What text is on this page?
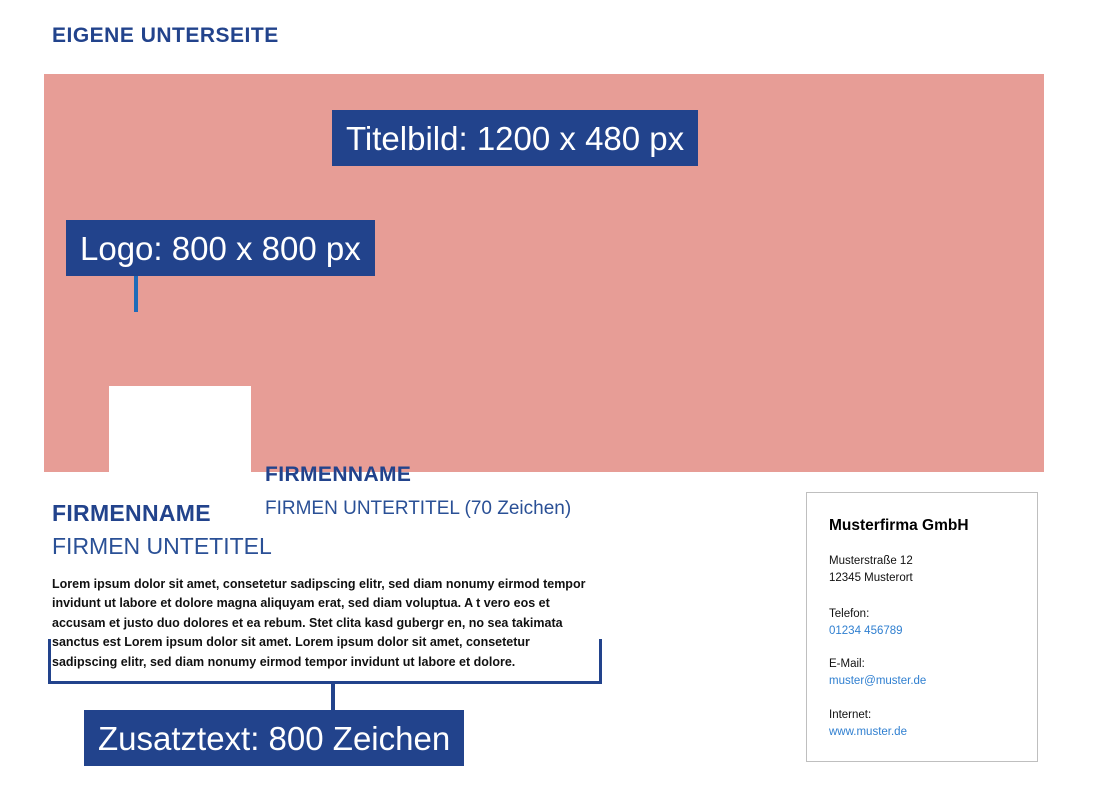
EIGENE UNTERSEITE
FIRMENNAME
FIRMEN UNTERTITEL (70 Zeichen)
Titelbild: 1200 x 480 px
Logo: 800 x 800 px
FIRMENNAME
FIRMEN UNTETITEL
Lorem ipsum dolor sit amet, consetetur sadipscing elitr, sed diam nonumy eirmod tempor invidunt ut labore et dolore magna aliquyam erat, sed diam voluptua. A t vero eos et accusam et justo duo dolores et ea rebum. Stet clita kasd gubergr en, no sea takimata sanctus est Lorem ipsum dolor sit amet. Lorem ipsum dolor sit amet, consetetur sadipscing elitr, sed diam nonumy eirmod tempor invidunt ut labore et dolore.
Zusatztext: 800 Zeichen
Musterfirma GmbH
Musterstraße 12
12345 Musterort
Telefon:
01234 456789
E-Mail:
muster@muster.de
Internet:
www.muster.de
